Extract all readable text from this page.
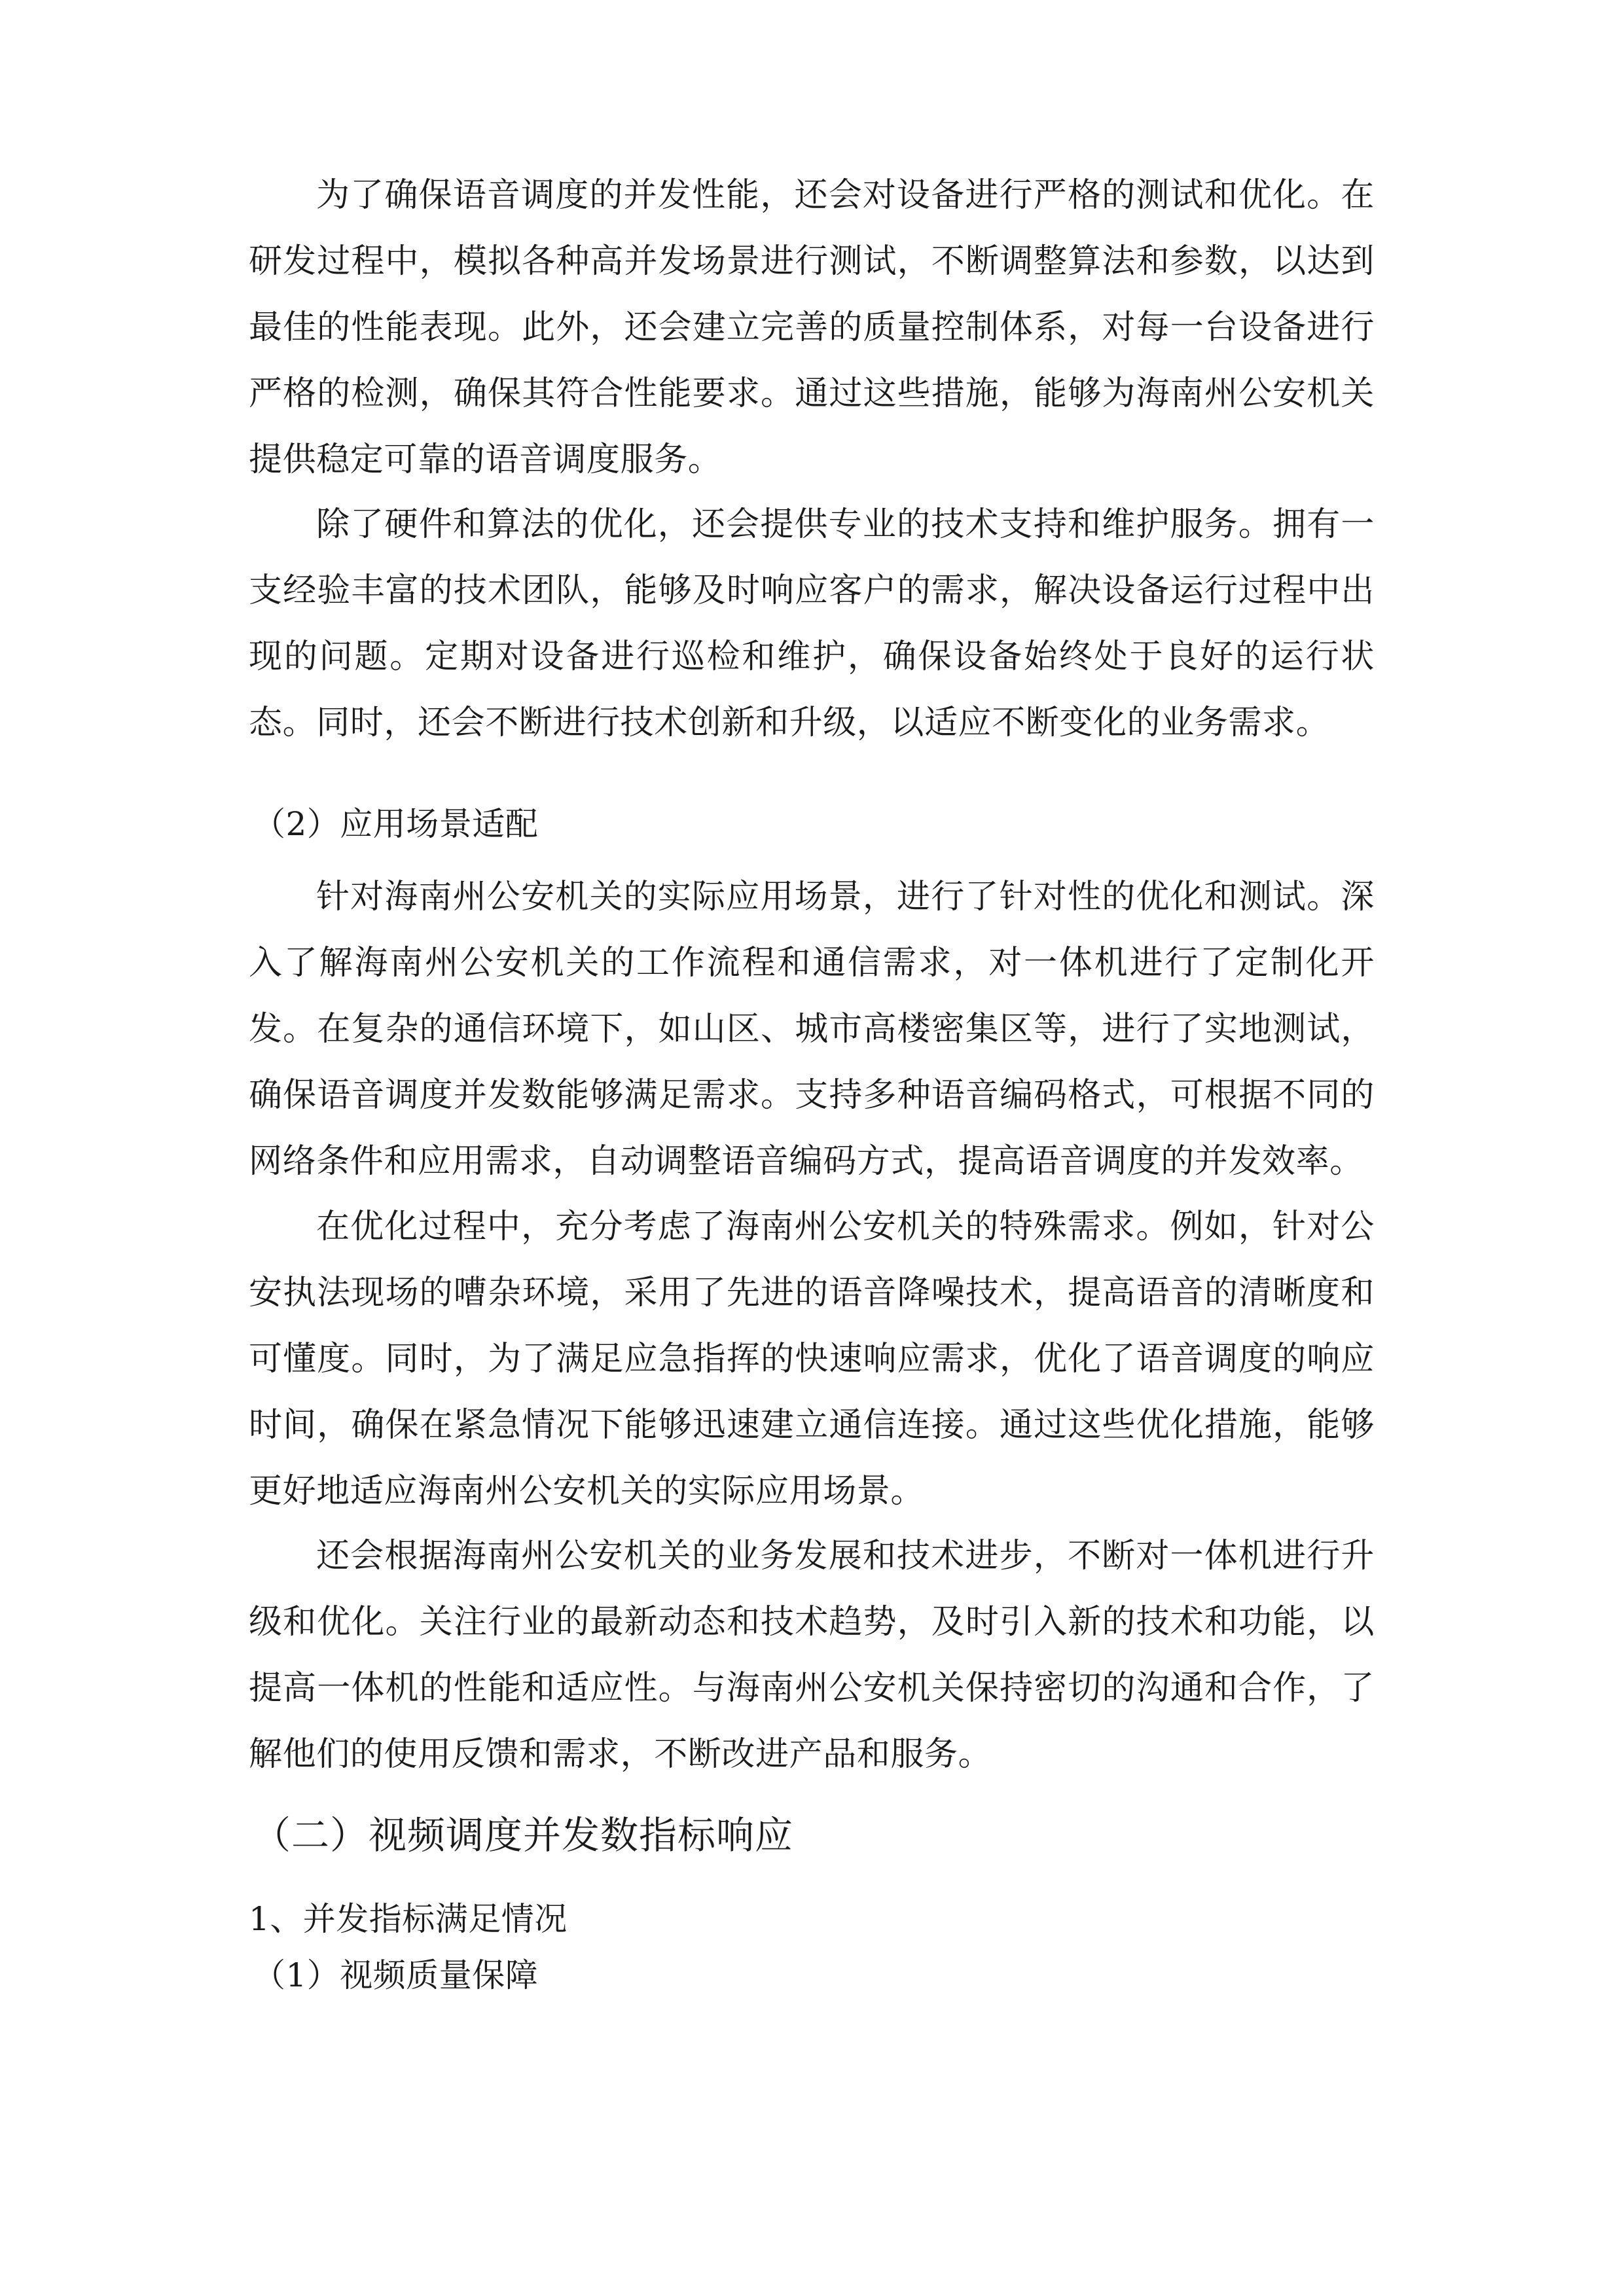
为了确保语音调度的并发性能，还会对设备进行严格的测试和优化。在研发过程中，模拟各种高并发场景进行测试，不断调整算法和参数，以达到最佳的性能表现。此外，还会建立完善的质量控制体系，对每一台设备进行严格的检测，确保其符合性能要求。通过这些措施，能够为海南州公安机关提供稳定可靠的语音调度服务。

除了硬件和算法的优化，还会提供专业的技术支持和维护服务。拥有一支经验丰富的技术团队，能够及时响应客户的需求，解决设备运行过程中出现的问题。定期对设备进行巡检和维护，确保设备始终处于良好的运行状态。同时，还会不断进行技术创新和升级，以适应不断变化的业务需求。

（2）应用场景适配

针对海南州公安机关的实际应用场景，进行了针对性的优化和测试。深入了解海南州公安机关的工作流程和通信需求，对一体机进行了定制化开发。在复杂的通信环境下，如山区、城市高楼密集区等，进行了实地测试，确保语音调度并发数能够满足需求。支持多种语音编码格式，可根据不同的网络条件和应用需求，自动调整语音编码方式，提高语音调度的并发效率。

在优化过程中，充分考虑了海南州公安机关的特殊需求。例如，针对公安执法现场的嘈杂环境，采用了先进的语音降噪技术，提高语音的清晰度和可懂度。同时，为了满足应急指挥的快速响应需求，优化了语音调度的响应时间，确保在紧急情况下能够迅速建立通信连接。通过这些优化措施，能够更好地适应海南州公安机关的实际应用场景。

还会根据海南州公安机关的业务发展和技术进步，不断对一体机进行升级和优化。关注行业的最新动态和技术趋势，及时引入新的技术和功能，以提高一体机的性能和适应性。与海南州公安机关保持密切的沟通和合作，了解他们的使用反馈和需求，不断改进产品和服务。

（二）视频调度并发数指标响应
1、并发指标满足情况
（1）视频质量保障
